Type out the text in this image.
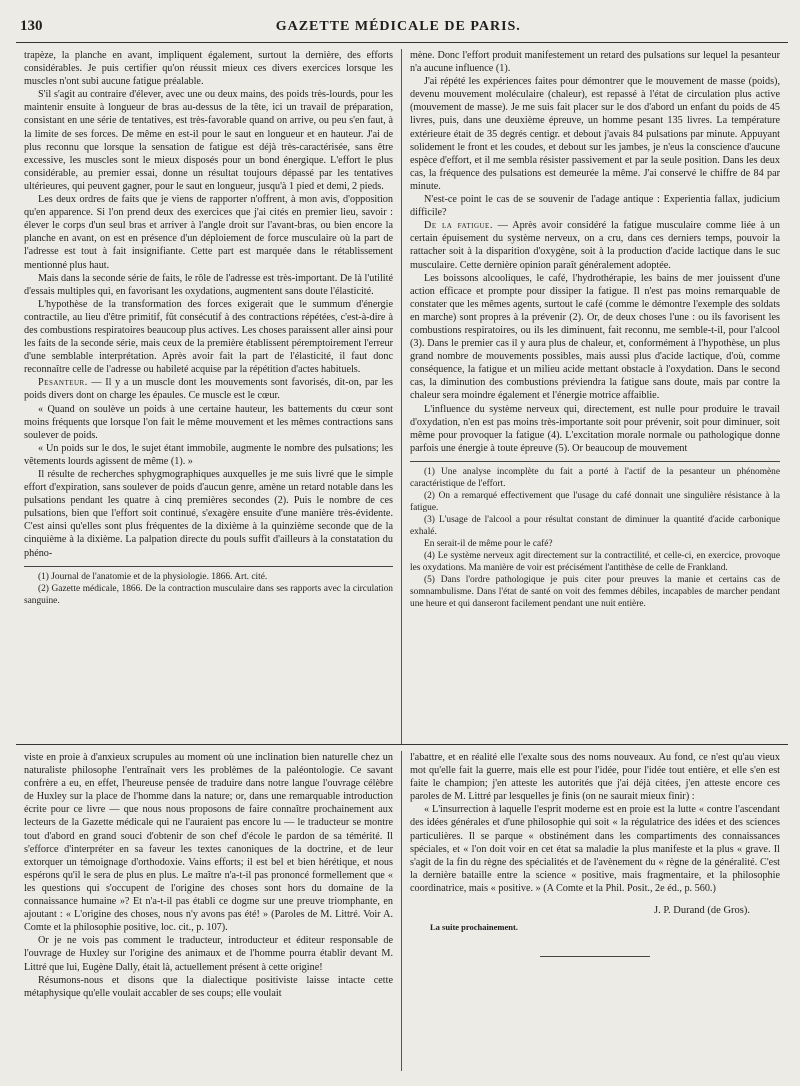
130	GAZETTE MÉDICALE DE PARIS.

trapèze, la planche en avant, impliquent également, surtout la dernière, des efforts considérables. Je puis certifier qu'on réussit mieux ces divers exercices lorsque les muscles n'ont subi aucune fatigue préalable.

S'il s'agit au contraire d'élever, avec une ou deux mains, des poids très-lourds, pour les maintenir ensuite à longueur de bras au-dessus de la tête, ici un travail de préparation, consistant en une série de tentatives, est très-favorable quand on arrive, ou peu s'en faut, à la limite de ses forces. De même en est-il pour le saut en longueur et en hauteur. J'ai de plus reconnu que lorsque la sensation de fatigue est déjà très-caractérisée, sans être excessive, les muscles sont le mieux disposés pour un bond énergique. L'effort le plus considérable, au premier essai, donne un résultat toujours dépassé par les tentatives ultérieures, qui peuvent gagner, pour le saut en longueur, jusqu'à 1 pied et demi, 2 pieds.

Les deux ordres de faits que je viens de rapporter n'offrent, à mon avis, d'opposition qu'en apparence. Si l'on prend deux des exercices que j'ai cités en premier lieu, savoir : élever le corps d'un seul bras et arriver à l'angle droit sur l'avant-bras, ou bien encore la planche en avant, on est en présence d'un déploiement de force musculaire où la part de l'adresse est tout à fait insignifiante. Cette part est marquée dans le rétablissement mentionné plus haut.

Mais dans la seconde série de faits, le rôle de l'adresse est très-important. De là l'utilité d'essais multiples qui, en favorisant les oxydations, augmentent sans doute l'élasticité.

L'hypothèse de la transformation des forces exigerait que le summum d'énergie contractile, au lieu d'être primitif, fût consécutif à des contractions répétées, c'est-à-dire à des combustions respiratoires beaucoup plus actives. Les choses paraissent aller ainsi pour les faits de la seconde série, mais ceux de la première établissent péremptoirement l'erreur d'une semblable interprétation. Après avoir fait la part de l'élasticité, il faut donc reconnaître celle de l'adresse ou habileté acquise par la répétition d'actes habituels.

Pesanteur. — Il y a un muscle dont les mouvements sont favorisés, dit-on, par les poids divers dont on charge les épaules. Ce muscle est le cœur.

« Quand on soulève un poids à une certaine hauteur, les battements du cœur sont moins fréquents que lorsque l'on fait le même mouvement et les mêmes contractions sans soulever de poids.

« Un poids sur le dos, le sujet étant immobile, augmente le nombre des pulsations; les vêtements lourds agissent de même (1). »

Il résulte de recherches sphygmographiques auxquelles je me suis livré que le simple effort d'expiration, sans soulever de poids d'aucun genre, amène un retard notable dans les pulsations pendant les quatre à cinq premières secondes (2). Puis le nombre de ces pulsations, bien que l'effort soit continué, s'exagère ensuite d'une manière très-évidente. C'est ainsi qu'elles sont plus fréquentes de la dixième à la quinzième seconde que de la cinquième à la dixième. La palpation directe du pouls suffit d'ailleurs à la constatation du phéno-

(1) Journal de l'anatomie et de la physiologie. 1866. Art. cité.

(2) Gazette médicale, 1866. De la contraction musculaire dans ses rapports avec la circulation sanguine.

mène. Donc l'effort produit manifestement un retard des pulsations sur lequel la pesanteur n'a aucune influence (1).

J'ai répété les expériences faites pour démontrer que le mouvement de masse (poids), devenu mouvement moléculaire (chaleur), est repassé à l'état de circulation plus active (mouvement de masse). Je me suis fait placer sur le dos d'abord un enfant du poids de 45 livres, puis, dans une deuxième épreuve, un homme pesant 135 livres. La température extérieure était de 35 degrés centigr. et debout j'avais 84 pulsations par minute. Appuyant solidement le front et les coudes, et debout sur les jambes, je n'eus la conscience d'aucune espèce d'effort, et il me sembla résister passivement et par la seule position. Dans les deux cas, la fréquence des pulsations est demeurée la même. J'ai conservé le chiffre de 84 par minute.

N'est-ce point le cas de se souvenir de l'adage antique : Experientia fallax, judicium difficile?

De la fatigue. — Après avoir considéré la fatigue musculaire comme liée à un certain épuisement du système nerveux, on a cru, dans ces derniers temps, pouvoir la rattacher soit à la disparition d'oxygène, soit à la production d'acide lactique dans le suc musculaire. Cette dernière opinion paraît généralement adoptée.

Les boissons alcooliques, le café, l'hydrothérapie, les bains de mer jouissent d'une action efficace et prompte pour dissiper la fatigue. Il n'est pas moins remarquable de constater que les mêmes agents, surtout le café (comme le démontre l'exemple des soldats en marche) sont propres à la prévenir (2). Or, de deux choses l'une : ou ils favorisent les combustions respiratoires, ou ils les diminuent, fait reconnu, me semble-t-il, pour l'alcool (3). Dans le premier cas il y aura plus de chaleur, et, conformément à l'hypothèse, un plus grand nombre de mouvements possibles, mais aussi plus d'acide lactique, d'où, comme conséquence, la fatigue et un milieu acide mettant obstacle à l'oxydation. Dans le second cas, la diminution des combustions préviendra la fatigue sans doute, mais par contre la chaleur sera moindre également et l'énergie motrice affaiblie.

L'influence du système nerveux qui, directement, est nulle pour produire le travail d'oxydation, n'en est pas moins très-importante soit pour prévenir, soit pour diminuer, soit même pour provoquer la fatigue (4). L'excitation morale normale ou pathologique donne parfois une énergie à toute épreuve (5). Or beaucoup de mouvement

(1) Une analyse incomplète du fait a porté à l'actif de la pesanteur un phénomène caractéristique de l'effort.

(2) On a remarqué effectivement que l'usage du café donnait une singulière résistance à la fatigue.

(3) L'usage de l'alcool a pour résultat constant de diminuer la quantité d'acide carbonique exhalé.

En serait-il de même pour le café?

(4) Le système nerveux agit directement sur la contractilité, et celle-ci, en exercice, provoque les oxydations. Ma manière de voir est précisément l'antithèse de celle de Frankland.

(5) Dans l'ordre pathologique je puis citer pour preuves la manie et certains cas de somnambulisme. Dans l'état de santé on voit des femmes débiles, incapables de marcher pendant une heure et qui danseront facilement pendant une nuit entière.

viste en proie à d'anxieux scrupules au moment où une inclination bien naturelle chez un naturaliste philosophe l'entraînait vers les problèmes de la paléontologie. Ce savant confrère a eu, en effet, l'heureuse pensée de traduire dans notre langue l'ouvrage célèbre de Huxley sur la place de l'homme dans la nature; or, dans une remarquable introduction écrite pour ce livre — que nous nous proposons de faire connaître prochainement aux lecteurs de la Gazette médicale qui ne l'auraient pas encore lu — le traducteur se montre tout d'abord en grand souci d'obtenir de son chef d'école le pardon de sa témérité. Il s'efforce d'interpréter en sa faveur les textes canoniques de la doctrine, et de leur extorquer un témoignage d'orthodoxie. Vains efforts; il est bel et bien hérétique, et nous espérons qu'il le sera de plus en plus. Le maître n'a-t-il pas prononcé formellement que « les questions qui s'occupent de l'origine des choses sont hors du domaine de la connaissance humaine »? Et n'a-t-il pas établi ce dogme sur une preuve triomphante, en ajoutant : « L'origine des choses, nous n'y avons pas été! » (Paroles de M. Littré. Voir A. Comte et la philosophie positive, loc. cit., p. 107).

Or je ne vois pas comment le traducteur, introducteur et éditeur responsable de l'ouvrage de Huxley sur l'origine des animaux et de l'homme pourra établir devant M. Littré que lui, Eugène Dally, était là, actuellement présent à cette origine!

Résumons-nous et disons que la dialectique positiviste laisse intacte cette métaphysique qu'elle voulait accabler de ses coups; elle voulait

l'abattre, et en réalité elle l'exalte sous des noms nouveaux. Au fond, ce n'est qu'au vieux mot qu'elle fait la guerre, mais elle est pour l'idée, pour l'idée tout entière, et elle s'en est faite le champion; j'en atteste les autorités que j'ai déjà citées, j'en atteste encore ces paroles de M. Littré par lesquelles je finis (on ne saurait mieux finir) :

« L'insurrection à laquelle l'esprit moderne est en proie est la lutte « contre l'ascendant des idées générales et d'une philosophie qui soit « la régulatrice des idées et des sciences particulières. Il se parque « obstinément dans les compartiments des connaissances spéciales, et « l'on doit voir en cet état sa maladie la plus manifeste et la plus « grave. Il s'agit de la fin du règne des spécialités et de l'avènement du « règne de la généralité. C'est la dernière bataille entre la science « positive, mais fragmentaire, et la philosophie coordinatrice, mais « positive. » (A Comte et la Phil. Posit., 2e éd., p. 560.)

J. P. Durand (de Gros).
La suite prochainement.
